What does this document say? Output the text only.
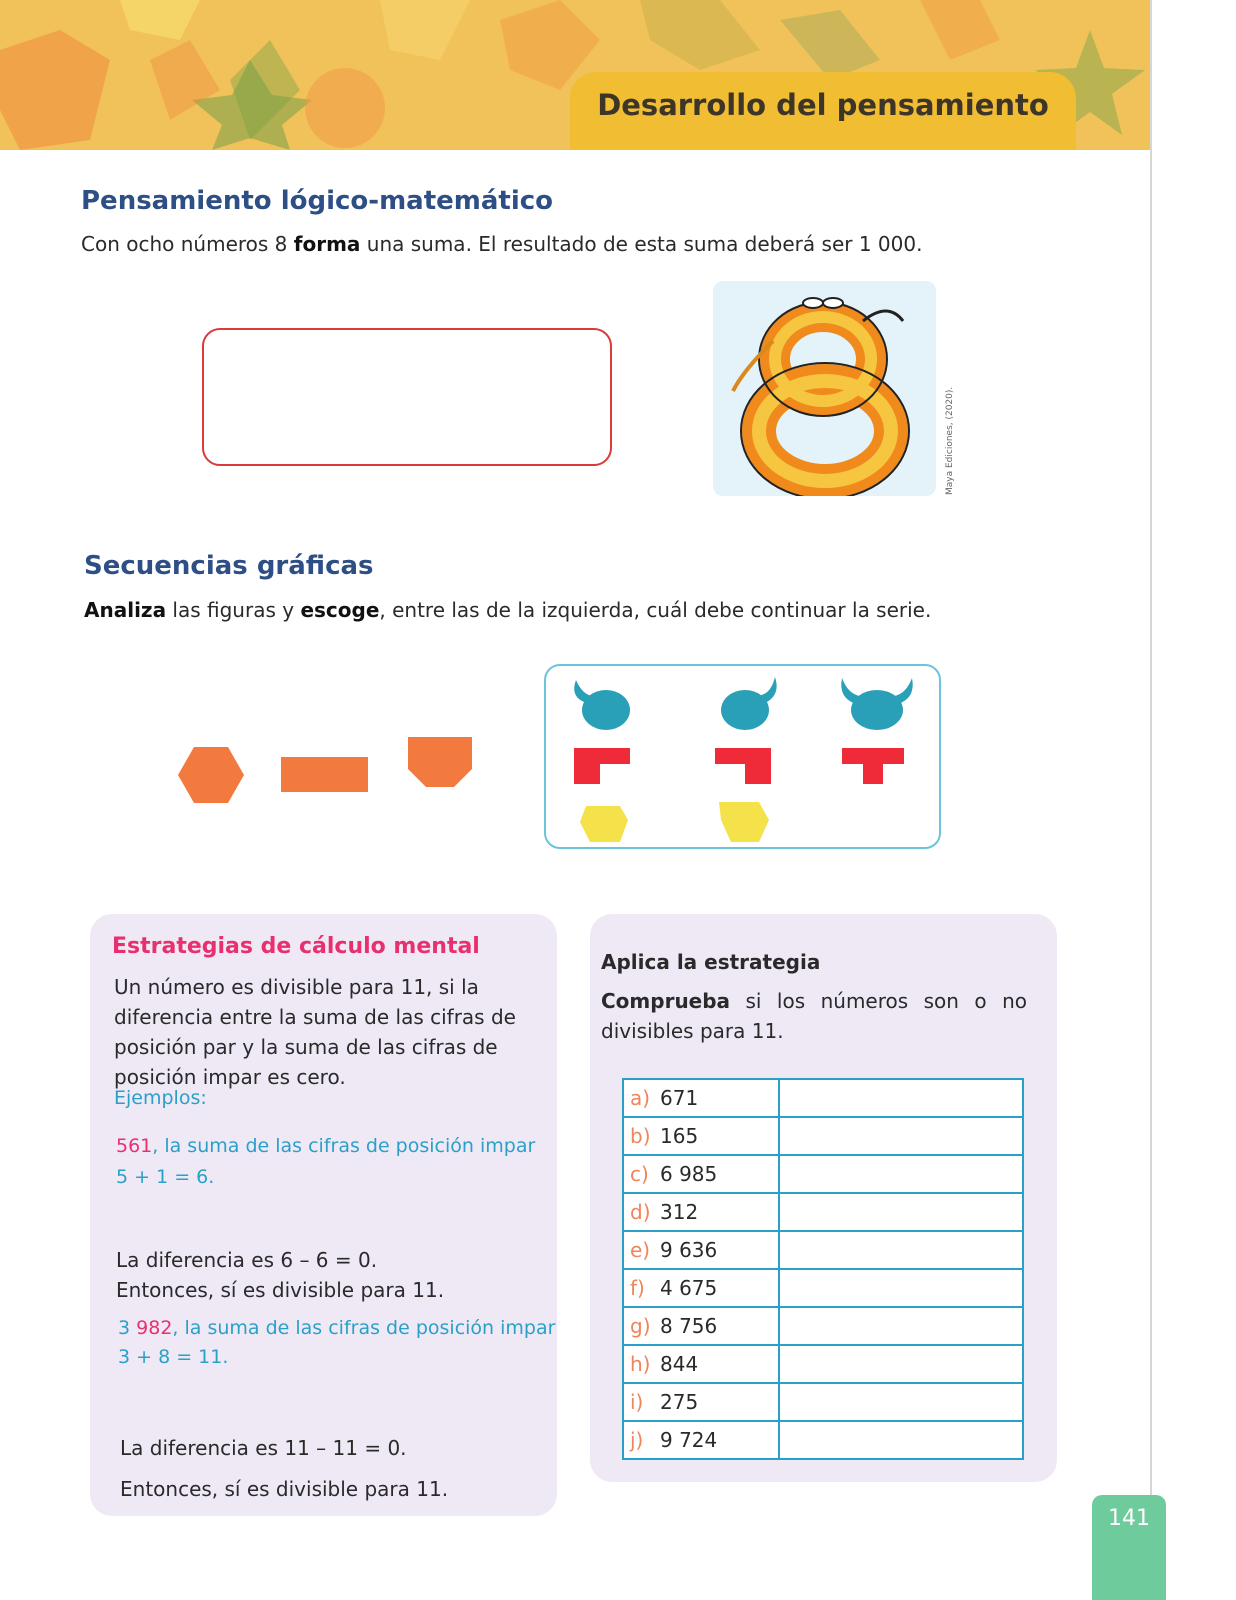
Desarrollo del pensamiento
Pensamiento lógico-matemático
Con ocho números 8 forma una suma. El resultado de esta suma deberá ser 1 000.
Maya Ediciones, (2020).
Secuencias gráficas
Analiza las figuras y escoge, entre las de la izquierda, cuál debe continuar la serie.
Estrategias de cálculo mental
Un número es divisible para 11, si la diferencia entre la suma de las cifras de posición par y la suma de las cifras de posición impar es cero.
Ejemplos:
561, la suma de las cifras de posición impar
5 + 1 = 6.
La diferencia es 6 – 6 = 0.
Entonces, sí es divisible para 11.
3 982, la suma de las cifras de posición impar
3 + 8 = 11.
La diferencia es 11 – 11 = 0.
Entonces, sí es divisible para 11.
Aplica la estrategia
Comprueba si los números son o no divisibles para 11.
a) 671	
b) 165	
c) 6 985	
d) 312	
e) 9 636	
f) 4 675	
g) 8 756	
h) 844	
i) 275	
j) 9 724	
141
